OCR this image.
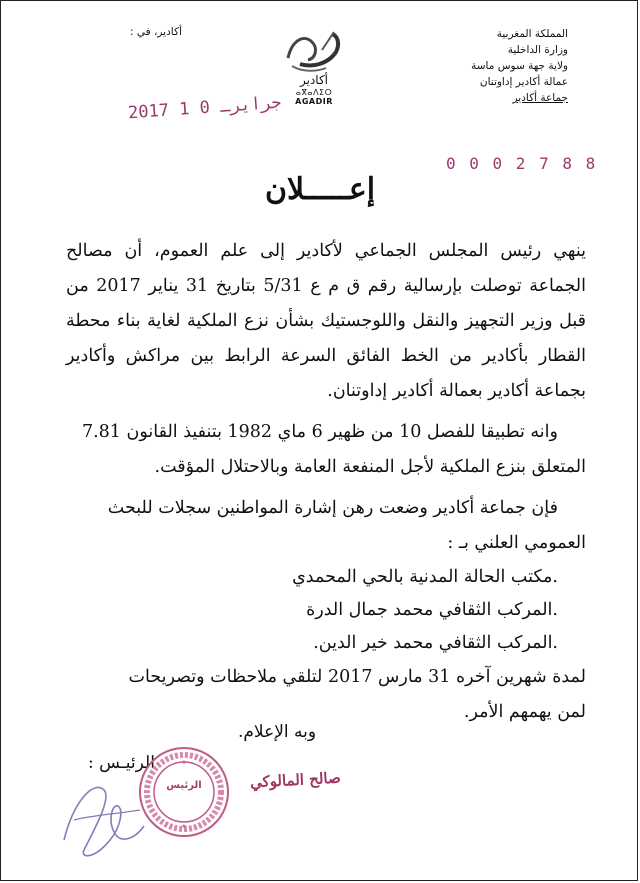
المملكة المغربية
وزارة الداخلية
ولاية جهة سوس ماسة
عمالة أكادير إداوتنان
جماعة أكادير
أكادير، في :
أكادير
ⴰⴳⴰⴷⵉⵔ
AGADIR
2017 جرايرـ 0 1
0 0 0 2 7 8 8
إعـــــلان

ينهي رئيس المجلس الجماعي لأكادير إلى علم العموم، أن مصالح

الجماعة توصلت بإرسالية رقم ق م ع 5/31 بتاريخ 31 يناير 2017 من

قبل وزير التجهيز والنقل واللوجستيك بشأن نزع الملكية لغاية بناء محطة

القطار بأكادير من الخط الفائق السرعة الرابط بين مراكش وأكادير

بجماعة أكادير بعمالة أكادير إداوتنان.

وانه تطبيقا للفصل 10 من ظهير 6 ماي 1982 بتنفيذ القانون 7.81

المتعلق بنزع الملكية لأجل المنفعة العامة وبالاحتلال المؤقت.

فإن جماعة أكادير وضعت رهن إشارة المواطنين سجلات للبحث

العمومي العلني بـ :

.مكتب الحالة المدنية بالحي المحمدي

.المركب الثقافي محمد جمال الدرة

.المركب الثقافي محمد خير الدين.

لمدة شهرين آخره 31 مارس 2017 لتلقي ملاحظات وتصريحات

لمن يهمهم الأمر.

وبه الإعلام.
الرئيـس :	★
★
الرئيس	صالح المالوكي
